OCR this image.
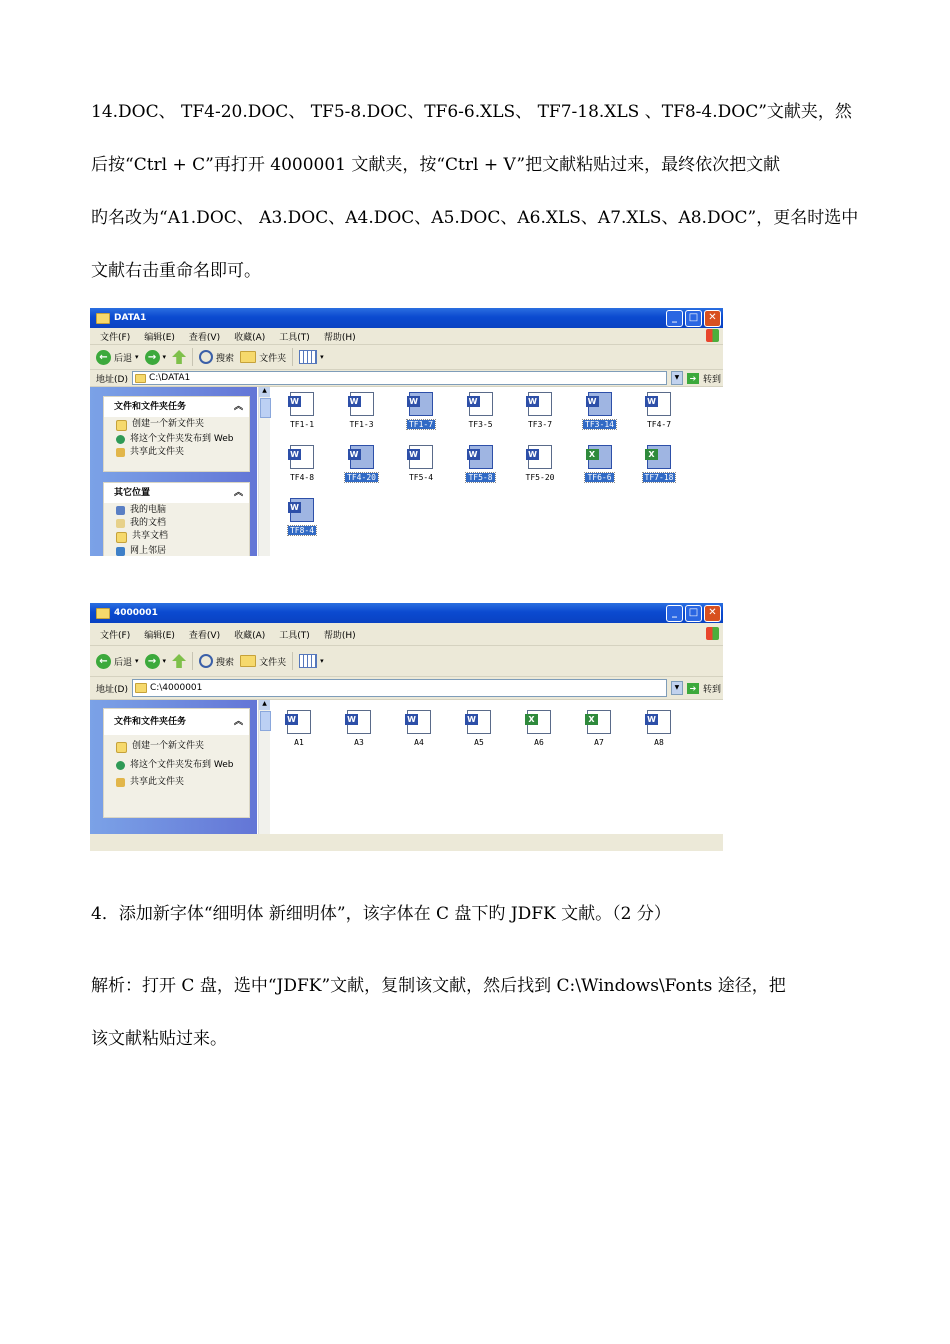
14.DOC、 TF4-20.DOC、 TF5-8.DOC、TF6-6.XLS、 TF7-18.XLS 、TF8-4.DOC”文献夹，然
后按“Ctrl + C”再打开 4000001 文献夹，按“Ctrl + V”把文献粘贴过来，最终依次把文献
旳名改为“A1.DOC、 A3.DOC、A4.DOC、A5.DOC、A6.XLS、A7.XLS、A8.DOC”，更名时选中
文献右击重命名即可。

DATA1	_	□	✕
文件(F) 编辑(E) 查看(V) 收藏(A) 工具(T) 帮助(H)
← 后退 ▾ → ▾	搜索	文件夹	▾
地址(D) C:\DATA1	▼	➔ 转到
文件和文件夹任务	︽
创建一个新文件夹
将这个文件夹发布到 Web
共享此文件夹
其它位置	︽
我的电脑
我的文档
共享文档
网上邻居
▲
W
TF1-1
W
TF1-3
W
TF1-7
W
TF3-5
W
TF3-7
W
TF3-14
W
TF4-7
W
TF4-8
W
TF4-20
W
TF5-4
W
TF5-8
W
TF5-20
X
TF6-6
X
TF7-18
W
TF8-4
4000001	_	□	✕
文件(F) 编辑(E) 查看(V) 收藏(A) 工具(T) 帮助(H)
← 后退 ▾ → ▾	搜索	文件夹	▾
地址(D) C:\4000001	▼	➔ 转到
文件和文件夹任务	︽
创建一个新文件夹
将这个文件夹发布到 Web
共享此文件夹
▲
W
A1
W
A3
W
A4
W
A5
X
A6
X
A7
W
A8

4．添加新字体“细明体 新细明体”，该字体在 C 盘下旳 JDFK 文献。（2 分）

解析：打开 C 盘，选中“JDFK”文献，复制该文献，然后找到 C:\Windows\Fonts 途径，把
该文献粘贴过来。
